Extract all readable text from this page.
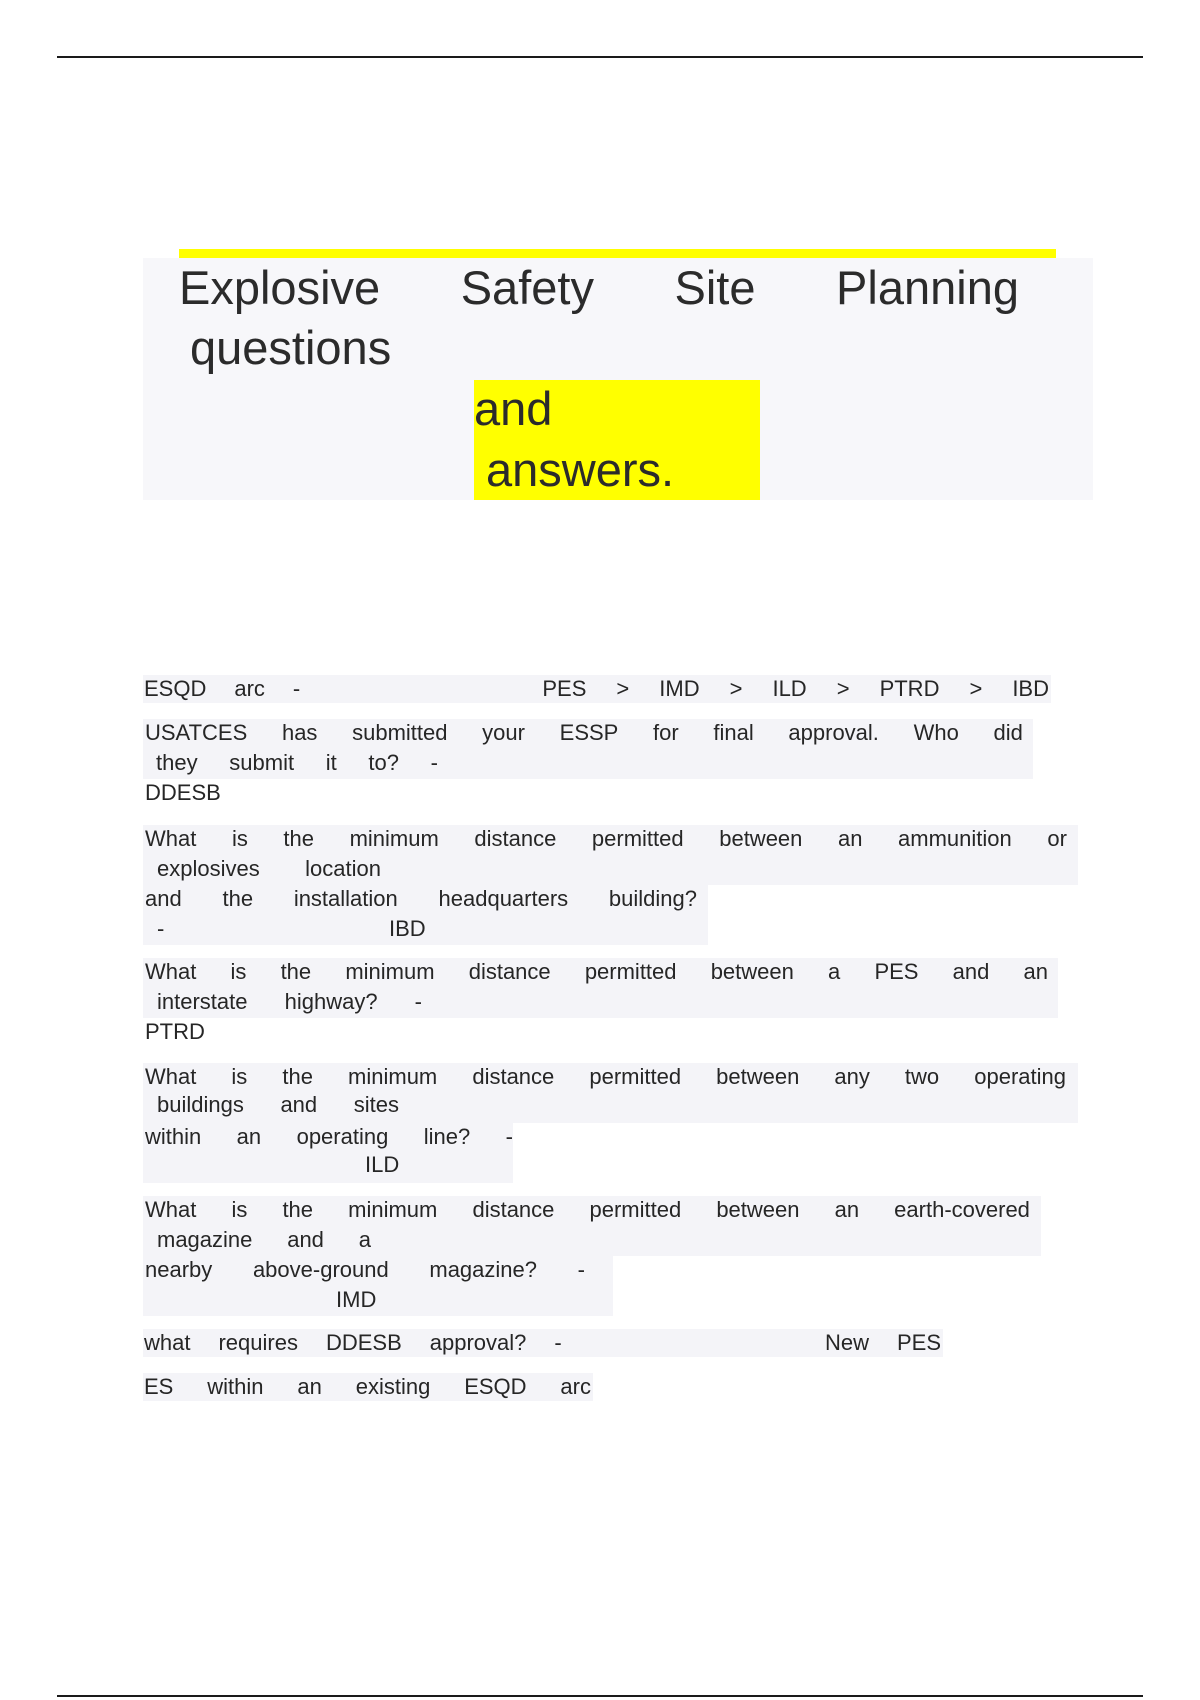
Explosive Safety Site Planning
questions
and
answers.
ESQD arc -	PES > IMD > ILD > PTRD > IBD
USATCES has submitted your ESSP for final approval. Who did
they submit it to? -
DDESB
What is the minimum distance permitted between an ammunition or
explosives location
and the installation headquarters building?
-	IBD
What is the minimum distance permitted between a PES and an
interstate highway? -
PTRD
What is the minimum distance permitted between any two operating
buildings and sites
within an operating line? -
ILD
What is the minimum distance permitted between an earth-covered
magazine and a
nearby above-ground magazine? -
IMD
what requires DDESB approval? -	New PES
ES within an existing ESQD arc
